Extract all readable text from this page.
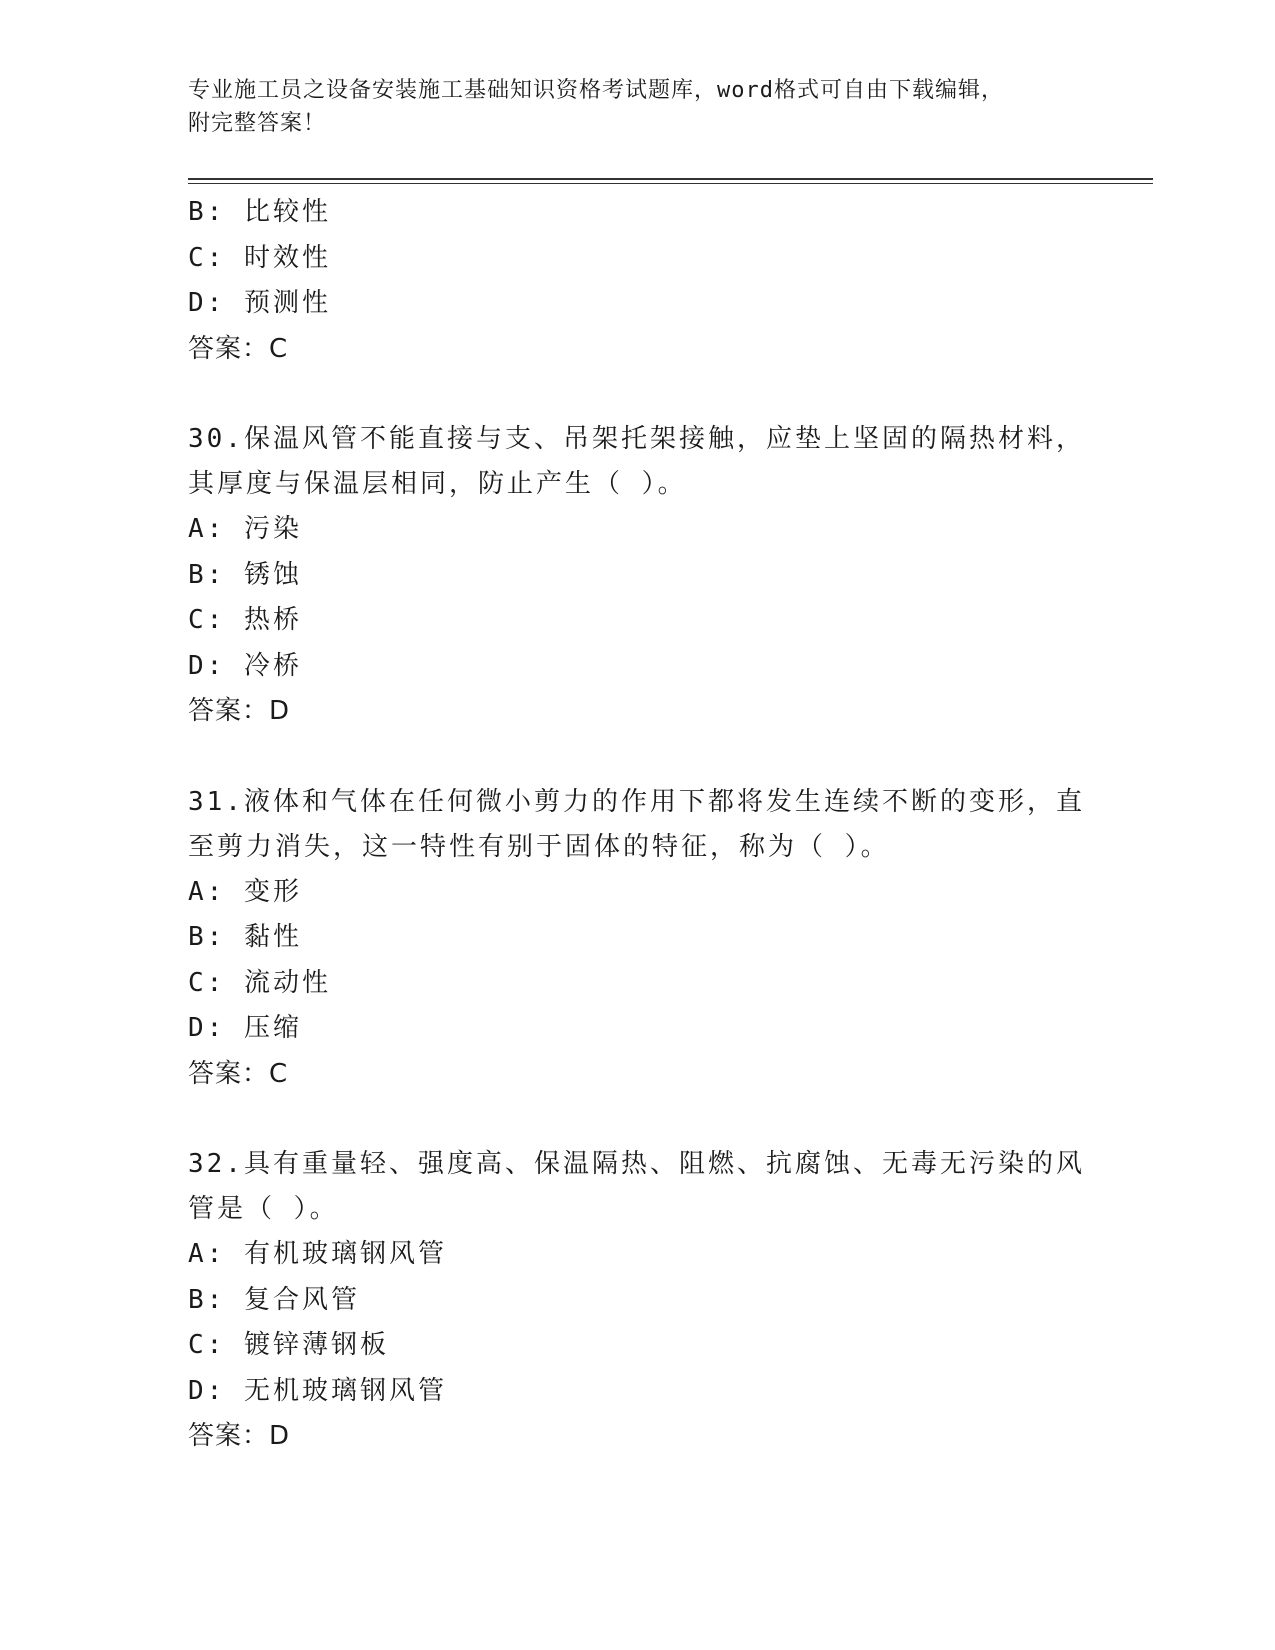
专业施工员之设备安装施工基础知识资格考试题库，word格式可自由下载编辑，
附完整答案！
B: 比较性
C: 时效性
D: 预测性
答案：C
30.保温风管不能直接与支、吊架托架接触，应垫上坚固的隔热材料，
其厚度与保温层相同，防止产生（ ）。
A: 污染
B: 锈蚀
C: 热桥
D: 冷桥
答案：D
31.液体和气体在任何微小剪力的作用下都将发生连续不断的变形，直
至剪力消失，这一特性有别于固体的特征，称为（ ）。
A: 变形
B: 黏性
C: 流动性
D: 压缩
答案：C
32.具有重量轻、强度高、保温隔热、阻燃、抗腐蚀、无毒无污染的风
管是（ ）。
A: 有机玻璃钢风管
B: 复合风管
C: 镀锌薄钢板
D: 无机玻璃钢风管
答案：D
